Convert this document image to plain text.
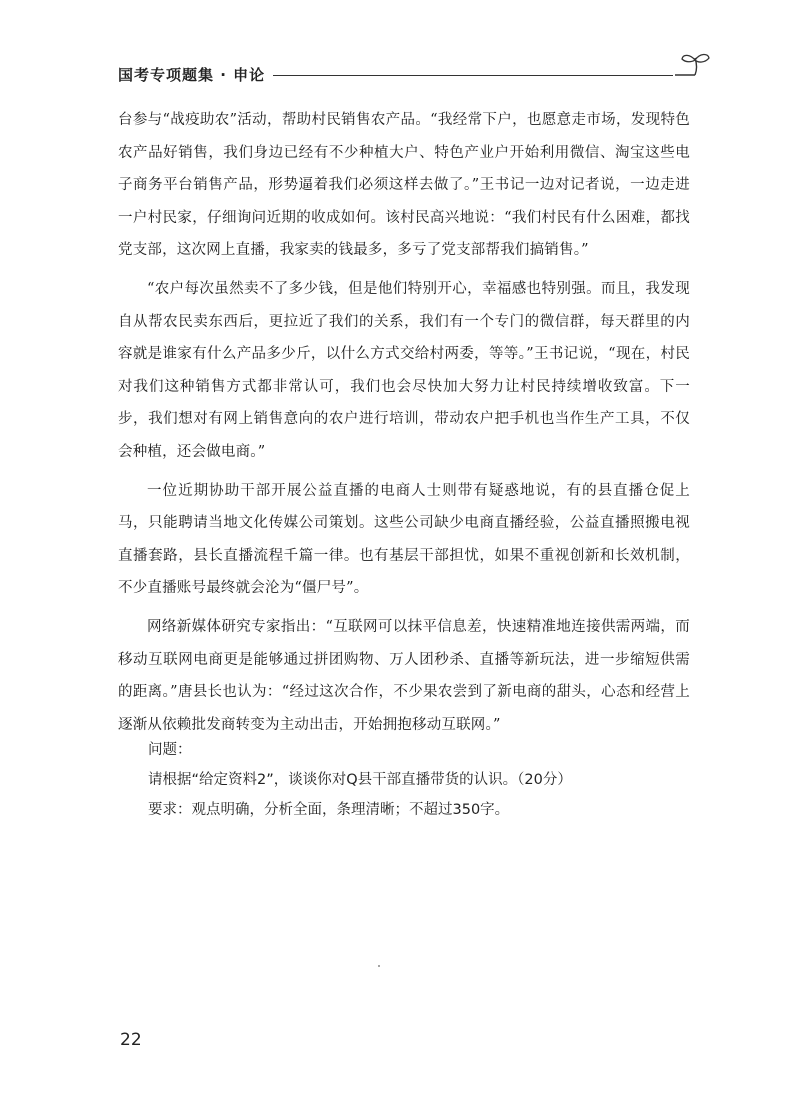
国考专项题集 · 申论

台参与“战疫助农”活动，帮助村民销售农产品。“我经常下户，也愿意走市场，发现特色农产品好销售，我们身边已经有不少种植大户、特色产业户开始利用微信、淘宝这些电子商务平台销售产品，形势逼着我们必须这样去做了。”王书记一边对记者说，一边走进一户村民家，仔细询问近期的收成如何。该村民高兴地说：“我们村民有什么困难，都找党支部，这次网上直播，我家卖的钱最多，多亏了党支部帮我们搞销售。”

“农户每次虽然卖不了多少钱，但是他们特别开心，幸福感也特别强。而且，我发现自从帮农民卖东西后，更拉近了我们的关系，我们有一个专门的微信群，每天群里的内容就是谁家有什么产品多少斤，以什么方式交给村两委，等等。”王书记说，“现在，村民对我们这种销售方式都非常认可，我们也会尽快加大努力让村民持续增收致富。下一步，我们想对有网上销售意向的农户进行培训，带动农户把手机也当作生产工具，不仅会种植，还会做电商。”

一位近期协助干部开展公益直播的电商人士则带有疑惑地说，有的县直播仓促上马，只能聘请当地文化传媒公司策划。这些公司缺少电商直播经验，公益直播照搬电视直播套路，县长直播流程千篇一律。也有基层干部担忧，如果不重视创新和长效机制，不少直播账号最终就会沦为“僵尸号”。

网络新媒体研究专家指出：“互联网可以抹平信息差，快速精准地连接供需两端，而移动互联网电商更是能够通过拼团购物、万人团秒杀、直播等新玩法，进一步缩短供需的距离。”唐县长也认为：“经过这次合作，不少果农尝到了新电商的甜头，心态和经营上逐渐从依赖批发商转变为主动出击，开始拥抱移动互联网。”

问题：

请根据“给定资料2”，谈谈你对Q县干部直播带货的认识。（20分）

要求：观点明确，分析全面，条理清晰；不超过350字。

22
